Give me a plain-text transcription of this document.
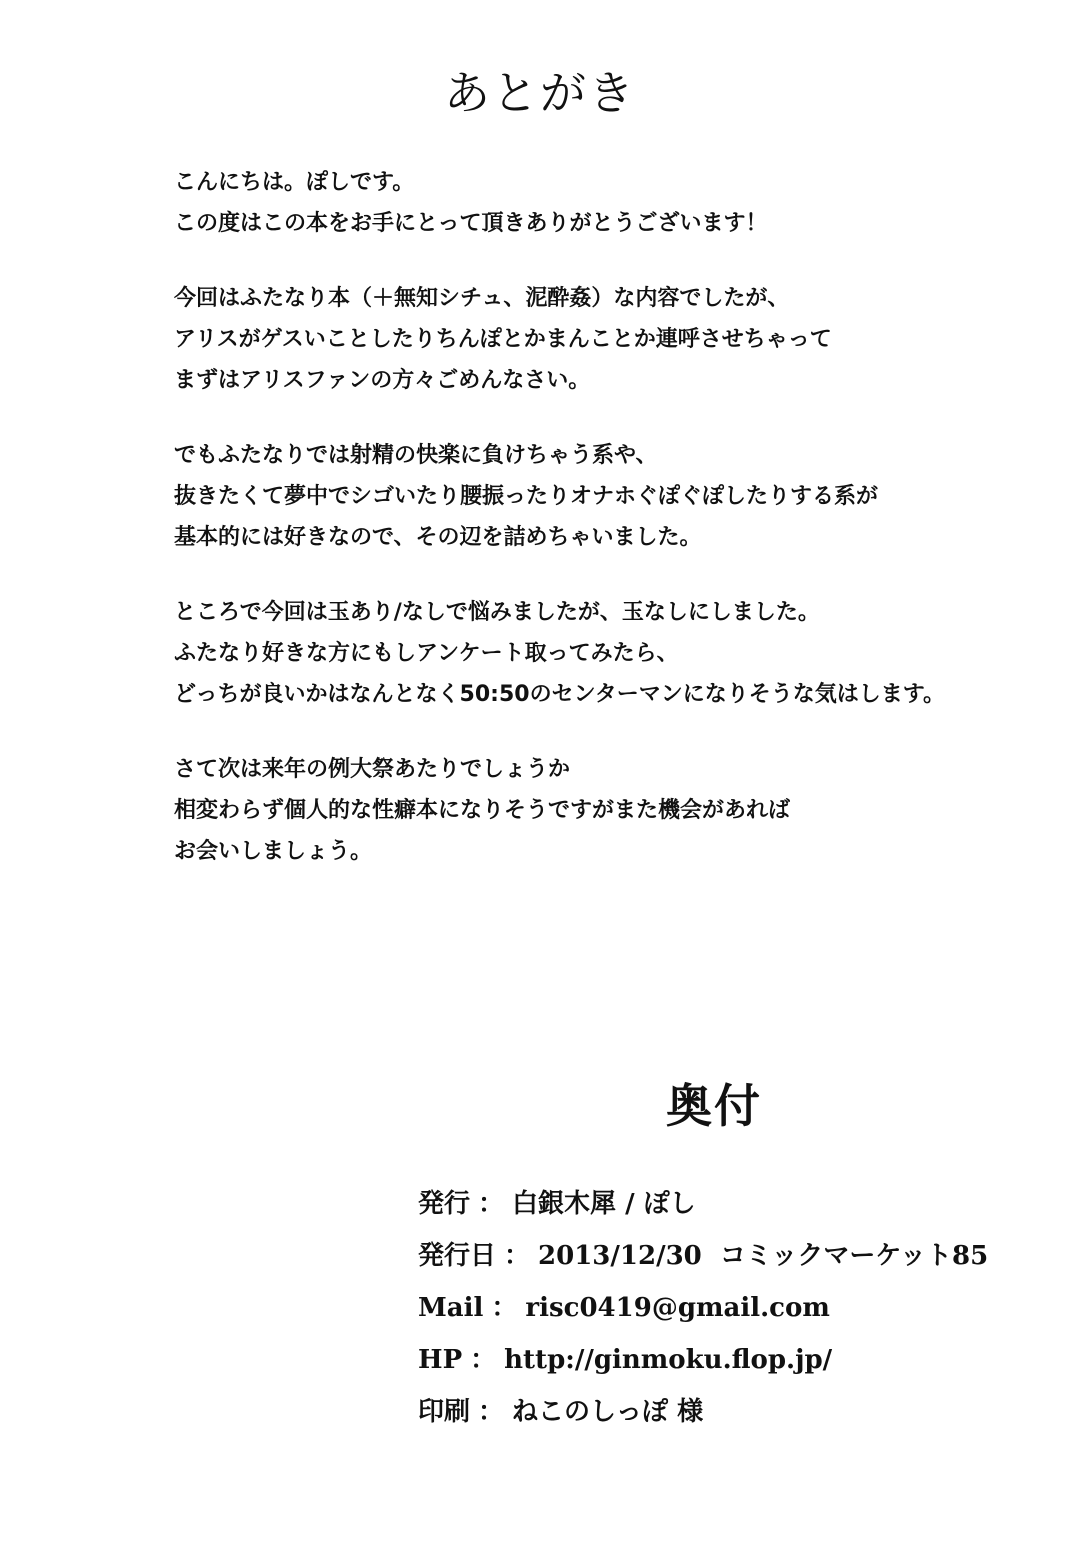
あとがき
こんにちは。ぽしです。
この度はこの本をお手にとって頂きありがとうございます！
今回はふたなり本（＋無知シチュ、泥酔姦）な内容でしたが、
アリスがゲスいことしたりちんぽとかまんことか連呼させちゃって
まずはアリスファンの方々ごめんなさい。
でもふたなりでは射精の快楽に負けちゃう系や、
抜きたくて夢中でシゴいたり腰振ったりオナホぐぽぐぽしたりする系が
基本的には好きなので、その辺を詰めちゃいました。
ところで今回は玉あり/なしで悩みましたが、玉なしにしました。
ふたなり好きな方にもしアンケート取ってみたら、
どっちが良いかはなんとなく50:50のセンターマンになりそうな気はします。
さて次は来年の例大祭あたりでしょうか
相変わらず個人的な性癖本になりそうですがまた機会があれば
お会いしましょう。
奥付
発行 ： 白銀木犀 / ぽし
発行日 ： 2013/12/30  コミックマーケット85
Mail ： risc0419@gmail.com
HP ： http://ginmoku.flop.jp/
印刷 ： ねこのしっぽ 様
